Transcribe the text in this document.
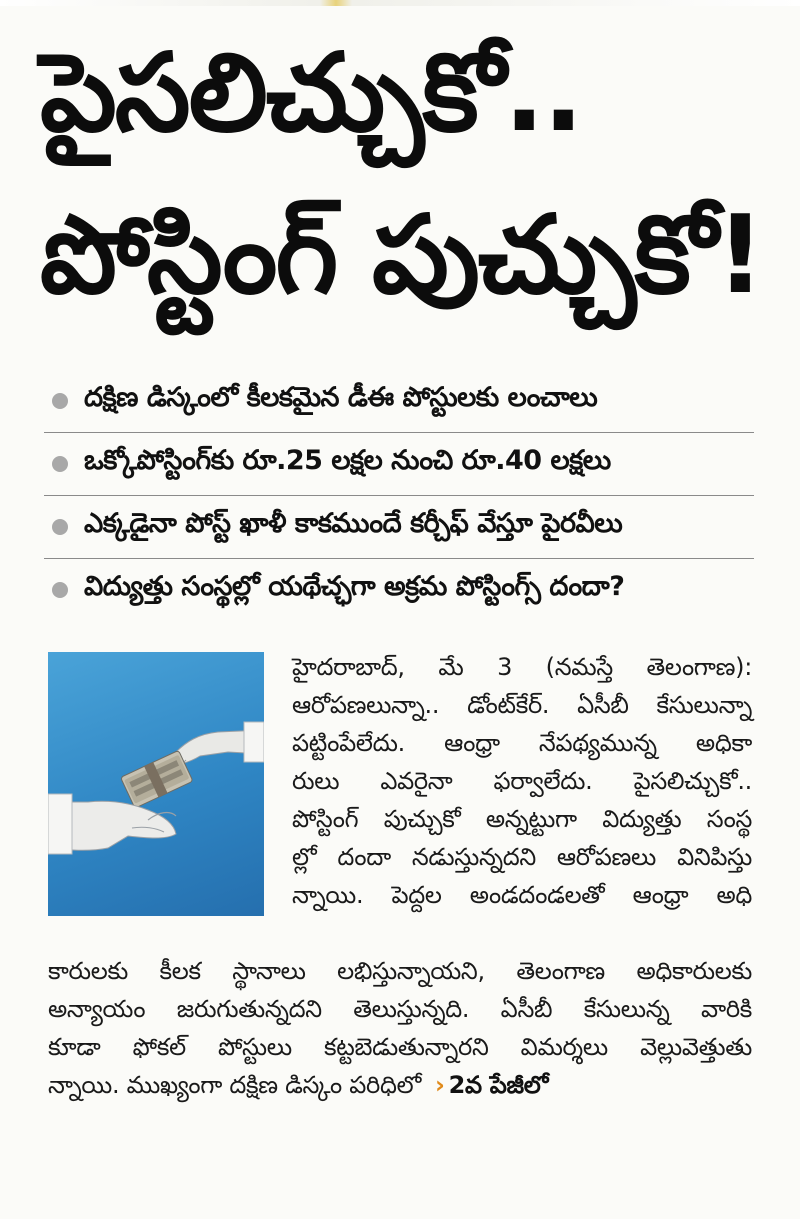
పైసలిచ్చుకో..
పోస్టింగ్ పుచ్చుకో!
దక్షిణ డిస్కంలో కీలకమైన డీఈ పోస్టులకు లంచాలు
ఒక్కోపోస్టింగ్‌కు రూ.25 లక్షల నుంచి రూ.40 లక్షలు
ఎక్కడైనా పోస్ట్ ఖాళీ కాకముందే కర్చీఫ్ వేస్తూ పైరవీలు
విద్యుత్తు సంస్థల్లో యథేచ్ఛగా అక్రమ పోస్టింగ్స్ దందా?
హైదరాబాద్, మే 3 (నమస్తే తెలంగాణ):
ఆరోపణలున్నా.. డోంట్‌కేర్. ఏసీబీ కేసులున్నా
పట్టింపేలేదు. ఆంధ్రా నేపథ్యమున్న అధికా
రులు ఎవరైనా ఫర్వాలేదు. పైసలిచ్చుకో..
పోస్టింగ్ పుచ్చుకో అన్నట్టుగా విద్యుత్తు సంస్థ
ల్లో దందా నడుస్తున్నదని ఆరోపణలు వినిపిస్తు
న్నాయి. పెద్దల అండదండలతో ఆంధ్రా అధి
కారులకు కీలక స్థానాలు లభిస్తున్నాయని, తెలంగాణ అధికారులకు
అన్యాయం జరుగుతున్నదని తెలుస్తున్నది. ఏసీబీ కేసులున్న వారికి
కూడా ఫోకల్ పోస్టులు కట్టబెడుతున్నారని విమర్శలు వెల్లువెత్తుతు
న్నాయి. ముఖ్యంగా దక్షిణ డిస్కం పరిధిలో › 2వ పేజీలో
